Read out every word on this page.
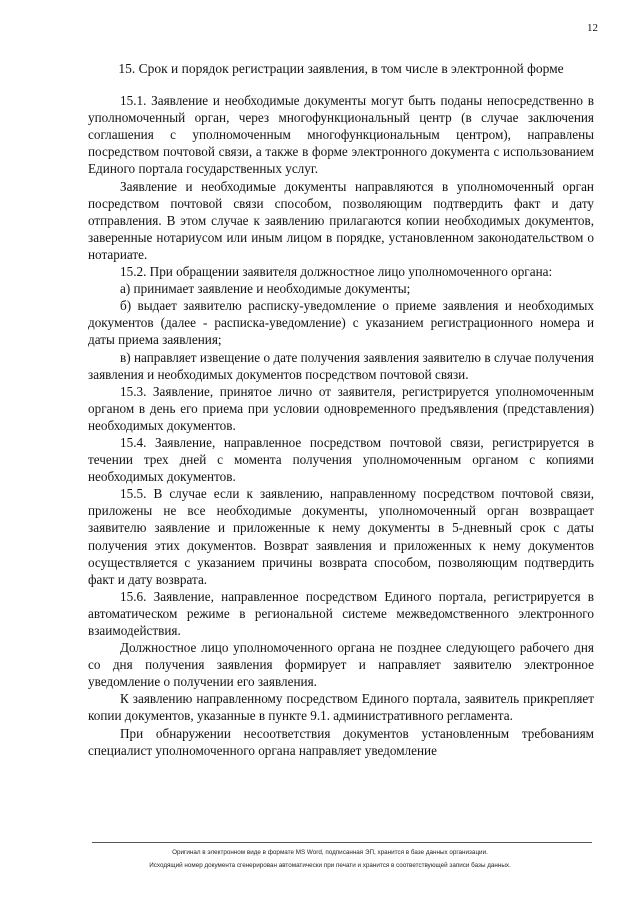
12

15. Срок и порядок регистрации заявления, в том числе в электронной форме

15.1. Заявление и необходимые документы могут быть поданы непосредственно в уполномоченный орган, через многофункциональный центр (в случае заключения соглашения с уполномоченным многофункциональным центром), направлены посредством почтовой связи, а также в форме электронного документа с использованием Единого портала государственных услуг.

Заявление и необходимые документы направляются в уполномоченный орган посредством почтовой связи способом, позволяющим подтвердить факт и дату отправления. В этом случае к заявлению прилагаются копии необходимых документов, заверенные нотариусом или иным лицом в порядке, установленном законодательством о нотариате.

15.2. При обращении заявителя должностное лицо уполномоченного органа:

а) принимает заявление и необходимые документы;

б) выдает заявителю расписку-уведомление о приеме заявления и необходимых документов (далее - расписка-уведомление) с указанием регистрационного номера и даты приема заявления;

в) направляет извещение о дате получения заявления заявителю в случае получения заявления и необходимых документов посредством почтовой связи.

15.3. Заявление, принятое лично от заявителя, регистрируется уполномоченным органом в день его приема при условии одновременного предъявления (представления) необходимых документов.

15.4. Заявление, направленное посредством почтовой связи, регистрируется в течении трех дней с момента получения уполномоченным органом с копиями необходимых документов.

15.5. В случае если к заявлению, направленному посредством почтовой связи, приложены не все необходимые документы, уполномоченный орган возвращает заявителю заявление и приложенные к нему документы в 5-дневный срок с даты получения этих документов. Возврат заявления и приложенных к нему документов осуществляется с указанием причины возврата способом, позволяющим подтвердить факт и дату возврата.

15.6. Заявление, направленное посредством Единого портала, регистрируется в автоматическом режиме в региональной системе межведомственного электронного взаимодействия.

Должностное лицо уполномоченного органа не позднее следующего рабочего дня со дня получения заявления формирует и направляет заявителю электронное уведомление о получении его заявления.

К заявлению направленному посредством Единого портала, заявитель прикрепляет копии документов, указанные в пункте 9.1. административного регламента.

При обнаружении несоответствия документов установленным требованиям специалист уполномоченного органа направляет уведомление

Оригинал в электронном виде в формате MS Word, подписанная ЭП, хранится в базе данных организации.
Исходящий номер документа сгенерирован автоматически при печати и хранится в соответствующей записи базы данных.
